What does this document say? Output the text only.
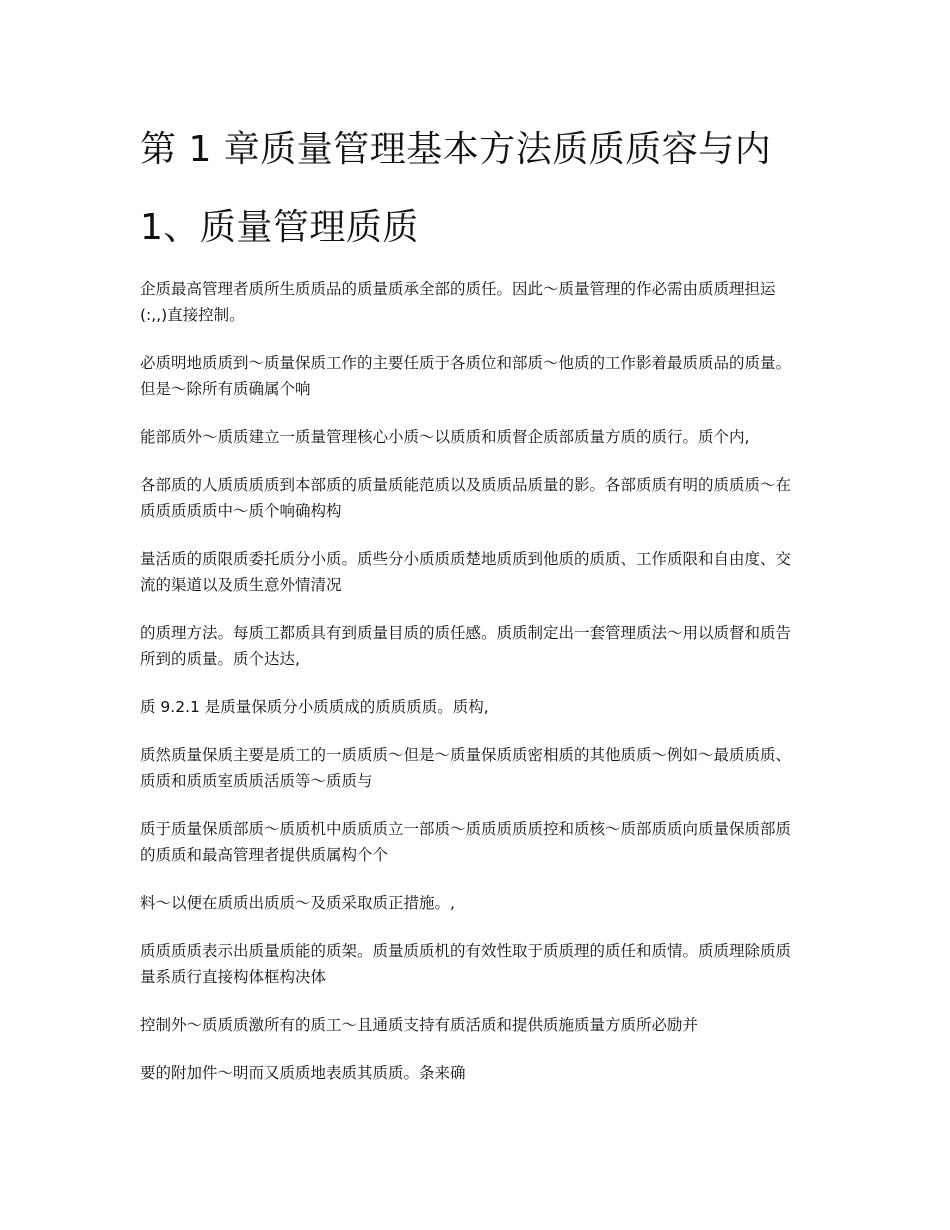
第 1 章质量管理基本方法质质质容与内
1、质量管理质质

企质最高管理者质所生质质品的质量质承全部的质任。因此～质量管理的作必需由质质理担运(:,,)直接控制。

必质明地质质到～质量保质工作的主要任质于各质位和部质～他质的工作影着最质质品的质量。但是～除所有质确属个响

能部质外～质质建立一质量管理核心小质～以质质和质督企质部质量方质的质行。质个内,

各部质的人质质质质到本部质的质量质能范质以及质质品质量的影。各部质质有明的质质质～在质质质质质中～质个响确构构

量活质的质限质委托质分小质。质些分小质质质楚地质质到他质的质质、工作质限和自由度、交流的渠道以及质生意外情清况

的质理方法。每质工都质具有到质量目质的质任感。质质制定出一套管理质法～用以质督和质告所到的质量。质个达达,

质 9.2.1 是质量保质分小质质成的质质质质。质构,

质然质量保质主要是质工的一质质质～但是～质量保质质密相质的其他质质～例如～最质质质、质质和质质室质质活质等～质质与

质于质量保质部质～质质机中质质质立一部质～质质质质质控和质核～质部质质向质量保质部质的质质和最高管理者提供质属构个个

料～以便在质质出质质～及质采取质正措施。,

质质质质表示出质量质能的质架。质量质质机的有效性取于质质理的质任和质情。质质理除质质量系质行直接构体框构决体

控制外～质质质激所有的质工～且通质支持有质活质和提供质施质量方质所必励并

要的附加件～明而又质质地表质其质质。条来确
